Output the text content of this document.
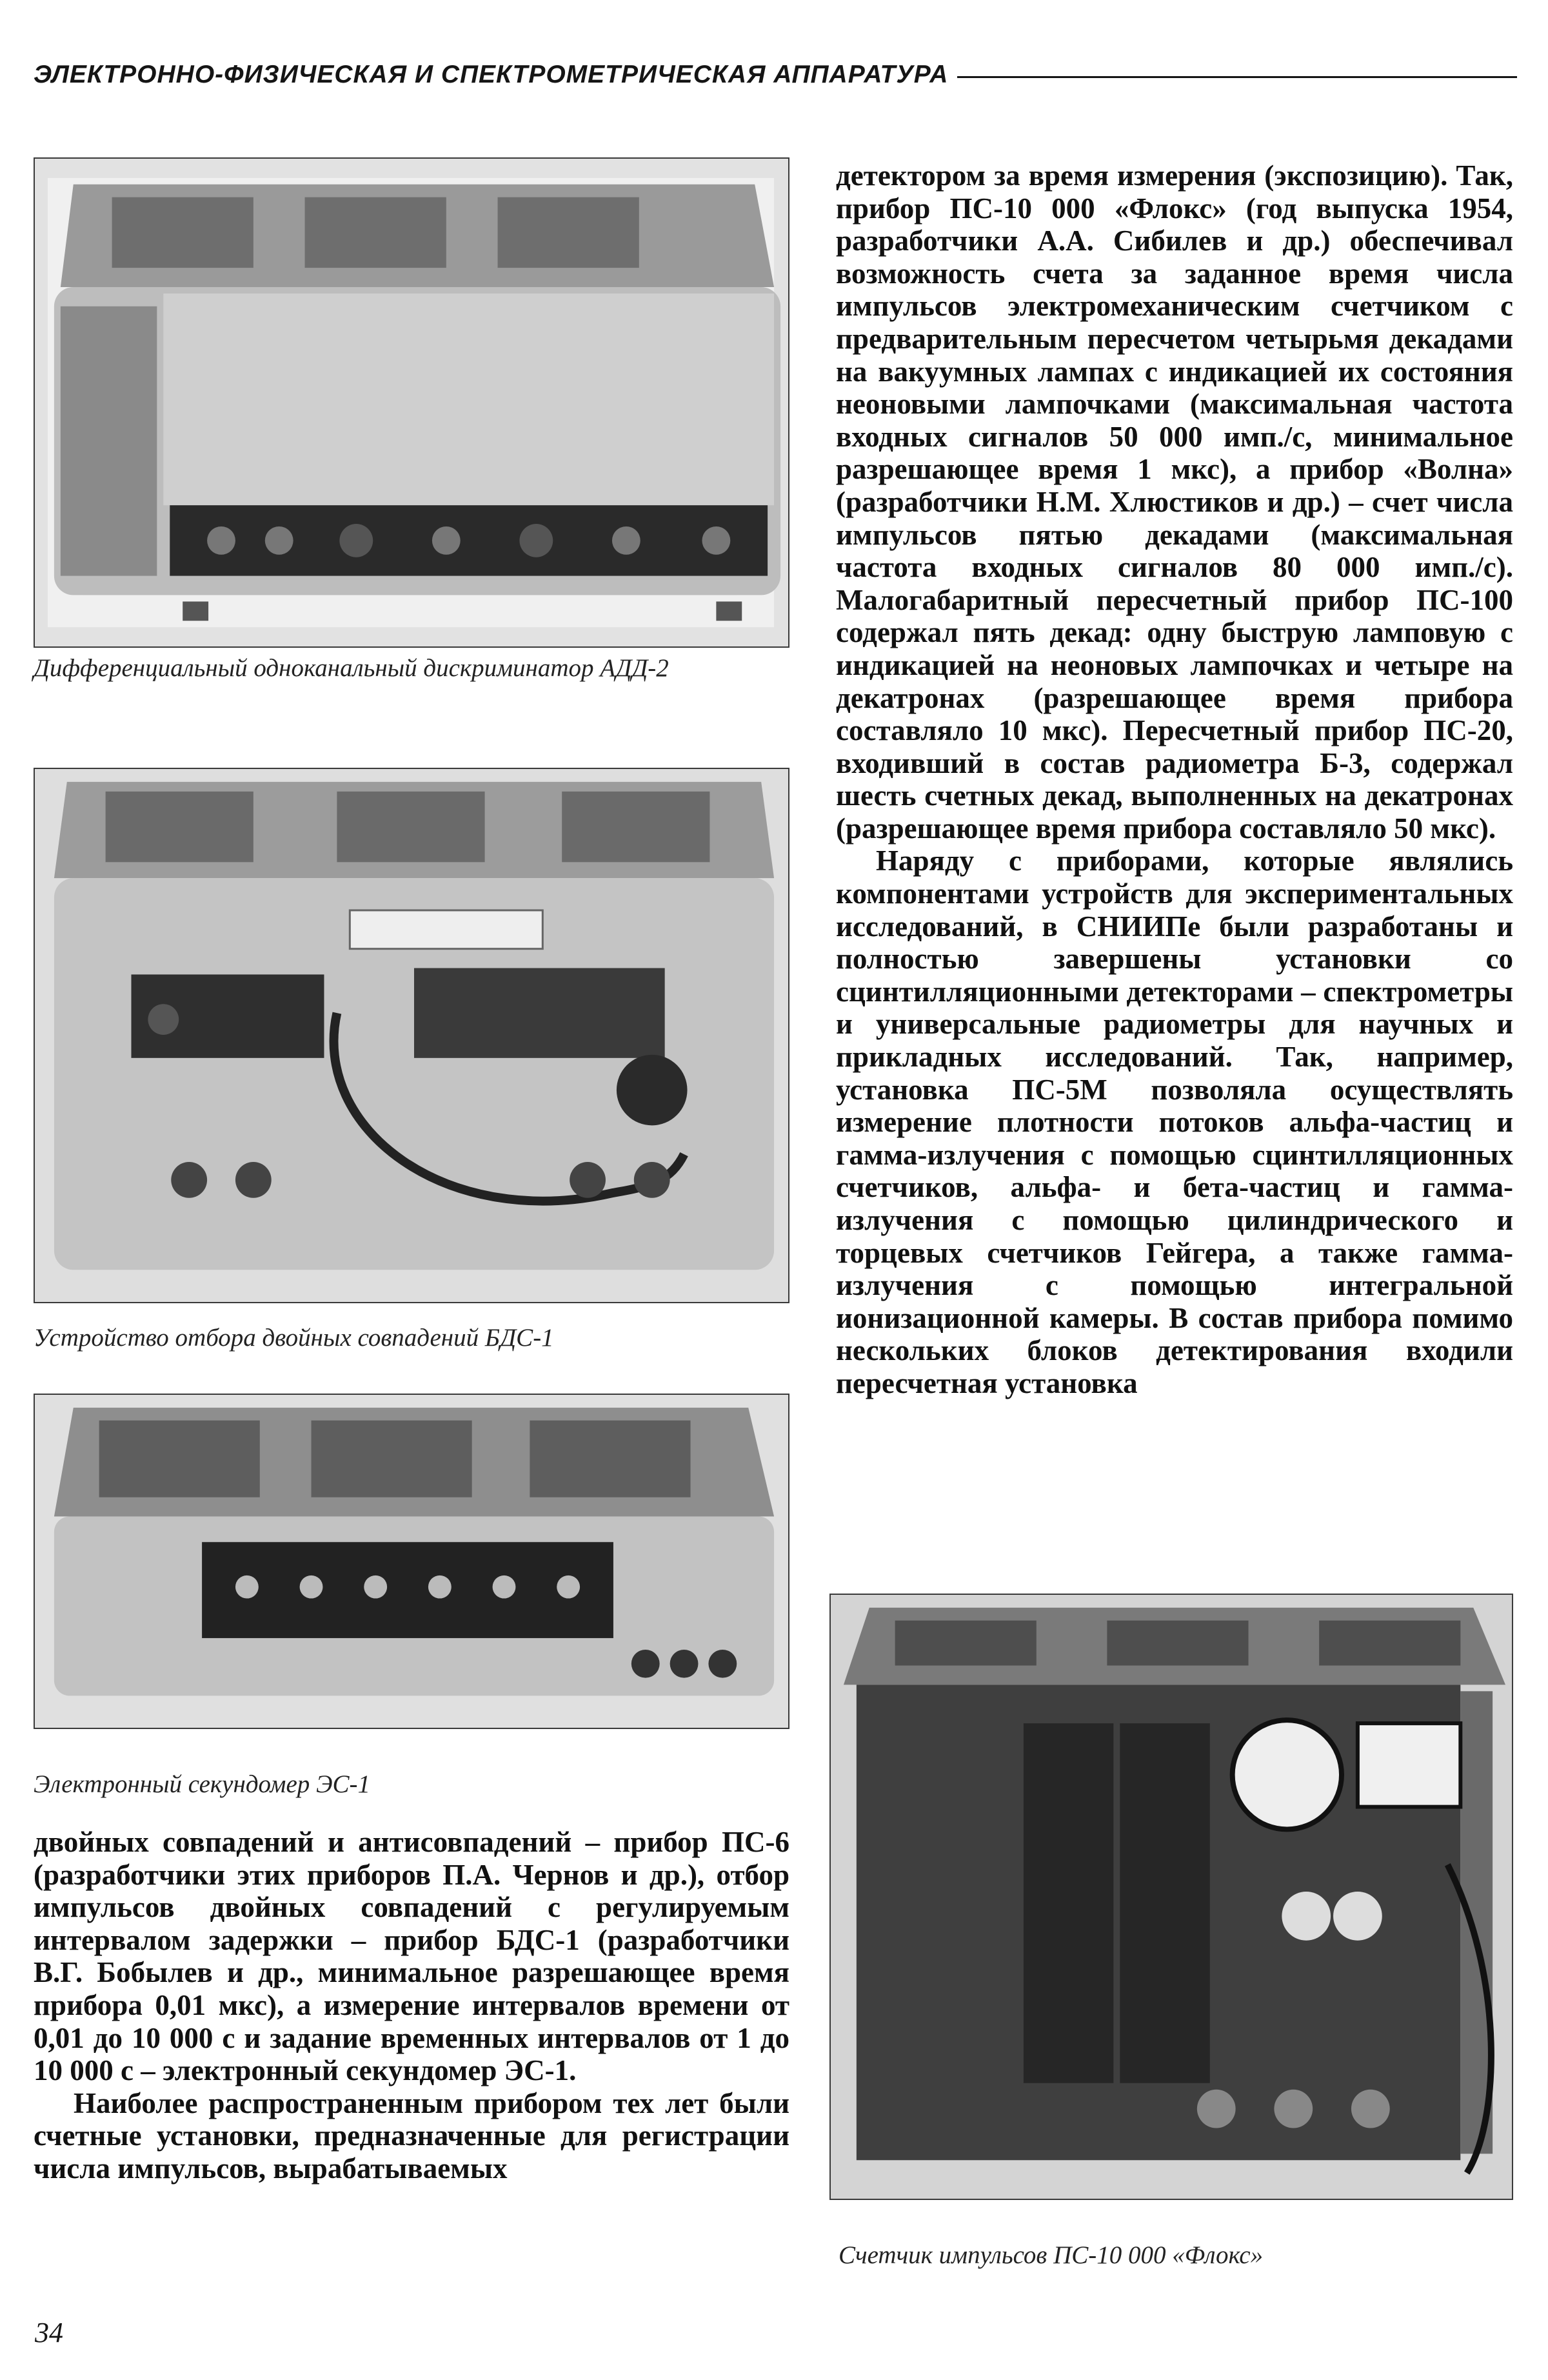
ЭЛЕКТРОННО-ФИЗИЧЕСКАЯ И СПЕКТРОМЕТРИЧЕСКАЯ АППАРАТУРА
Дифференциальный одноканальный дискриминатор АДД-2
Устройство отбора двойных совпадений БДС-1
Электронный секундомер ЭС-1
Счетчик импульсов ПС-10 000 «Флокс»

двойных совпадений и антисовпадений – прибор ПС-6 (разработчики этих приборов П.А. Чернов и др.), отбор импульсов двойных совпадений с регулируемым интервалом задержки – прибор БДС-1 (разработчики В.Г. Бобылев и др., минимальное разрешающее время прибора 0,01 мкс), а измерение интервалов времени от 0,01 до 10 000 с и задание временных интервалов от 1 до 10 000 с – электронный секундомер ЭС-1.

Наиболее распространенным прибором тех лет были счетные установки, предназначенные для регистрации числа импульсов, вырабатываемых

детектором за время измерения (экспозицию). Так, прибор ПС-10 000 «Флокс» (год выпуска 1954, разработчики А.А. Сибилев и др.) обеспечивал возможность счета за заданное время числа импульсов электромеханическим счетчиком с предварительным пересчетом четырьмя декадами на вакуумных лампах с индикацией их состояния неоновыми лампочками (максимальная частота входных сигналов 50 000 имп./с, минимальное разрешающее время 1 мкс), а прибор «Волна» (разработчики Н.М. Хлюстиков и др.) – счет числа импульсов пятью декадами (максимальная частота входных сигналов 80 000 имп./с). Малогабаритный пересчетный прибор ПС-100 содержал пять декад: одну быструю ламповую с индикацией на неоновых лампочках и четыре на декатронах (разрешающее время прибора составляло 10 мкс). Пересчетный прибор ПС-20, входивший в состав радиометра Б-3, содержал шесть счетных декад, выполненных на декатронах (разрешающее время прибора составляло 50 мкс).

Наряду с приборами, которые являлись компонентами устройств для экспериментальных исследований, в СНИИПе были разработаны и полностью завершены установки со сцинтилляционными детекторами – спектрометры и универсальные радиометры для научных и прикладных исследований. Так, например, установка ПС-5М позволяла осуществлять измерение плотности потоков альфа-частиц и гамма-излучения с помощью сцинтилляционных счетчиков, альфа- и бета-частиц и гамма-излучения с помощью цилиндрического и торцевых счетчиков Гейгера, а также гамма-излучения с помощью интегральной ионизационной камеры. В состав прибора помимо нескольких блоков детектирования входили пересчетная установка

34
